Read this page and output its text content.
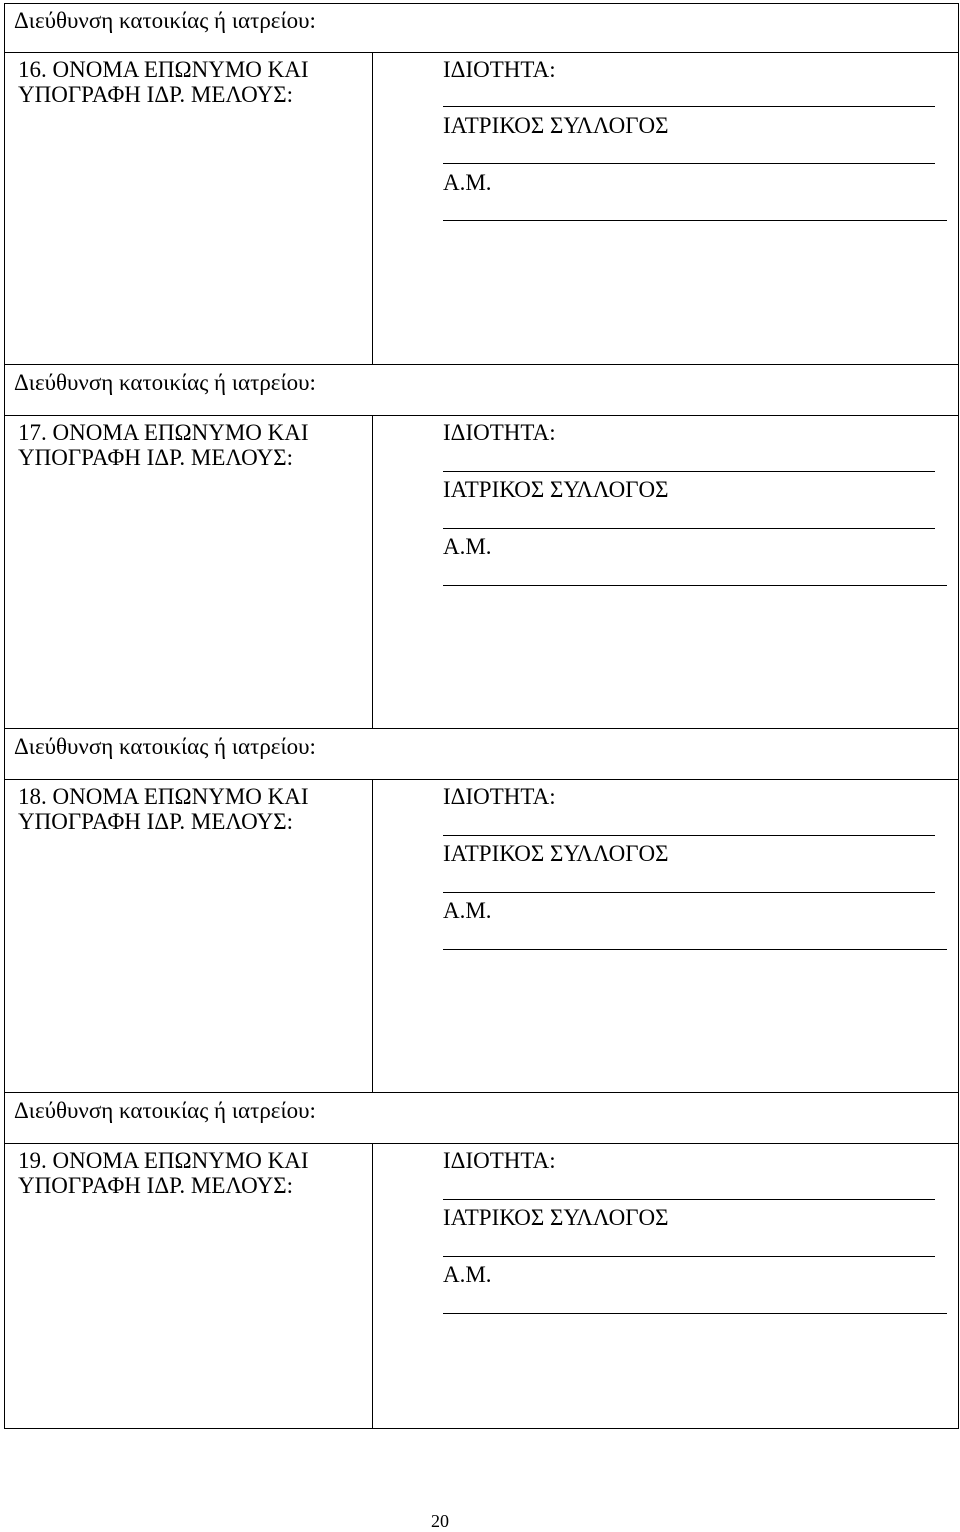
Διεύθυνση κατοικίας ή ιατρείου:
16. ΟΝΟΜΑ ΕΠΩΝΥΜΟ ΚΑΙ
ΥΠΟΓΡΑΦΗ ΙΔΡ. ΜΕΛΟΥΣ:
ΙΔΙΟΤΗΤΑ:
ΙΑΤΡΙΚΟΣ ΣΥΛΛΟΓΟΣ
Α.Μ.
Διεύθυνση κατοικίας ή ιατρείου:
17. ΟΝΟΜΑ ΕΠΩΝΥΜΟ ΚΑΙ
ΥΠΟΓΡΑΦΗ ΙΔΡ. ΜΕΛΟΥΣ:
ΙΔΙΟΤΗΤΑ:
ΙΑΤΡΙΚΟΣ ΣΥΛΛΟΓΟΣ
Α.Μ.
Διεύθυνση κατοικίας ή ιατρείου:
18. ΟΝΟΜΑ ΕΠΩΝΥΜΟ ΚΑΙ
ΥΠΟΓΡΑΦΗ ΙΔΡ. ΜΕΛΟΥΣ:
ΙΔΙΟΤΗΤΑ:
ΙΑΤΡΙΚΟΣ ΣΥΛΛΟΓΟΣ
Α.Μ.
Διεύθυνση κατοικίας ή ιατρείου:
19. ΟΝΟΜΑ ΕΠΩΝΥΜΟ ΚΑΙ
ΥΠΟΓΡΑΦΗ ΙΔΡ. ΜΕΛΟΥΣ:
ΙΔΙΟΤΗΤΑ:
ΙΑΤΡΙΚΟΣ ΣΥΛΛΟΓΟΣ
Α.Μ.
20
